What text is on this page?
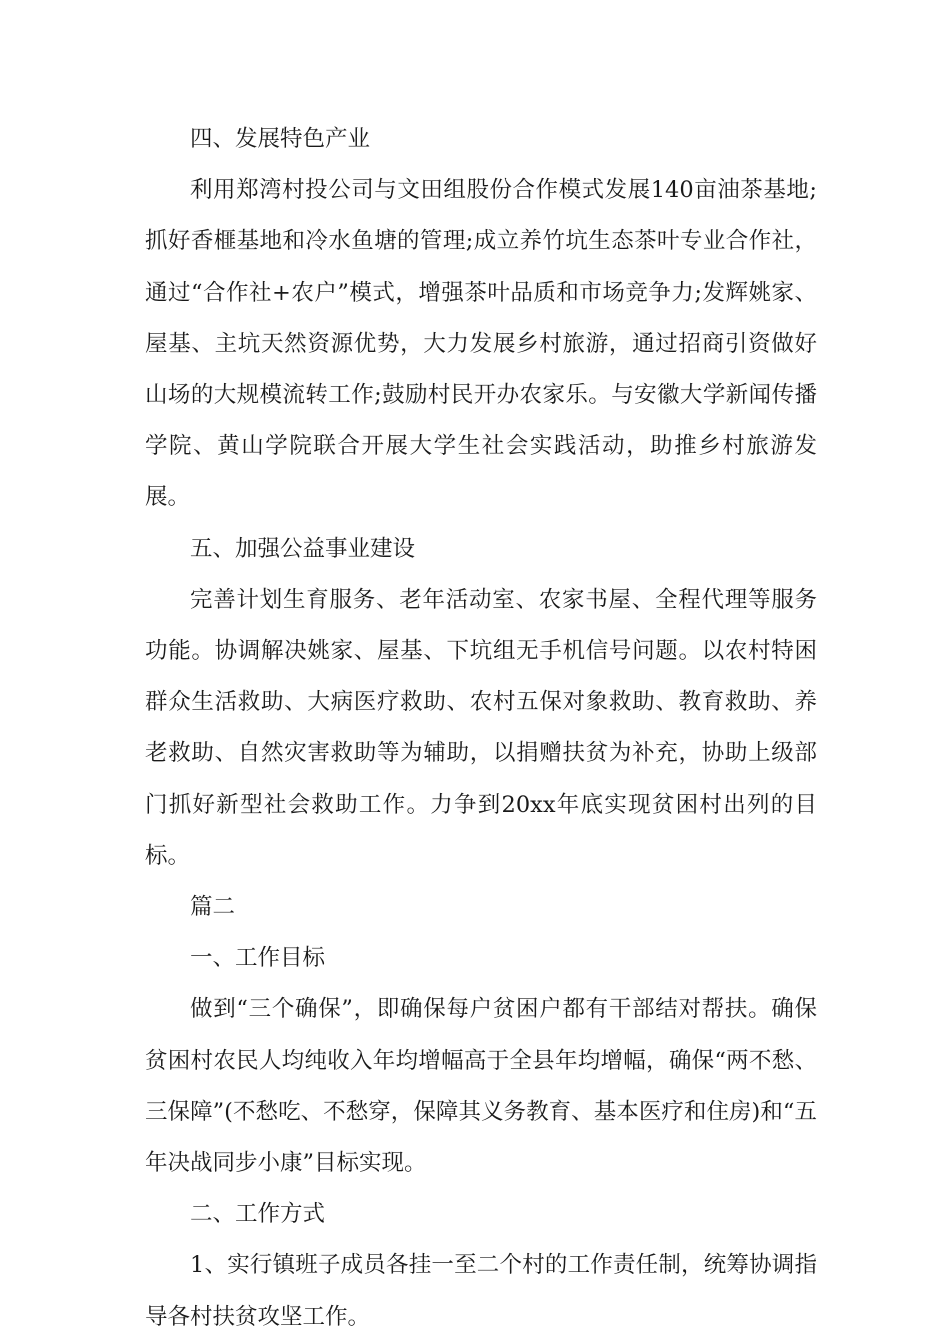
四、发展特色产业

利用郑湾村投公司与文田组股份合作模式发展140亩油茶基地;抓好香榧基地和冷水鱼塘的管理;成立养竹坑生态茶叶专业合作社，通过“合作社+农户”模式，增强茶叶品质和市场竞争力;发辉姚家、屋基、主坑天然资源优势，大力发展乡村旅游，通过招商引资做好山场的大规模流转工作;鼓励村民开办农家乐。与安徽大学新闻传播学院、黄山学院联合开展大学生社会实践活动，助推乡村旅游发展。

五、加强公益事业建设

完善计划生育服务、老年活动室、农家书屋、全程代理等服务功能。协调解决姚家、屋基、下坑组无手机信号问题。以农村特困群众生活救助、大病医疗救助、农村五保对象救助、教育救助、养老救助、自然灾害救助等为辅助，以捐赠扶贫为补充，协助上级部门抓好新型社会救助工作。力争到20xx年底实现贫困村出列的目标。

篇二

一、工作目标

做到“三个确保”，即确保每户贫困户都有干部结对帮扶。确保贫困村农民人均纯收入年均增幅高于全县年均增幅，确保“两不愁、三保障”(不愁吃、不愁穿，保障其义务教育、基本医疗和住房)和“五年决战同步小康”目标实现。

二、工作方式

1、实行镇班子成员各挂一至二个村的工作责任制，统筹协调指导各村扶贫攻坚工作。
